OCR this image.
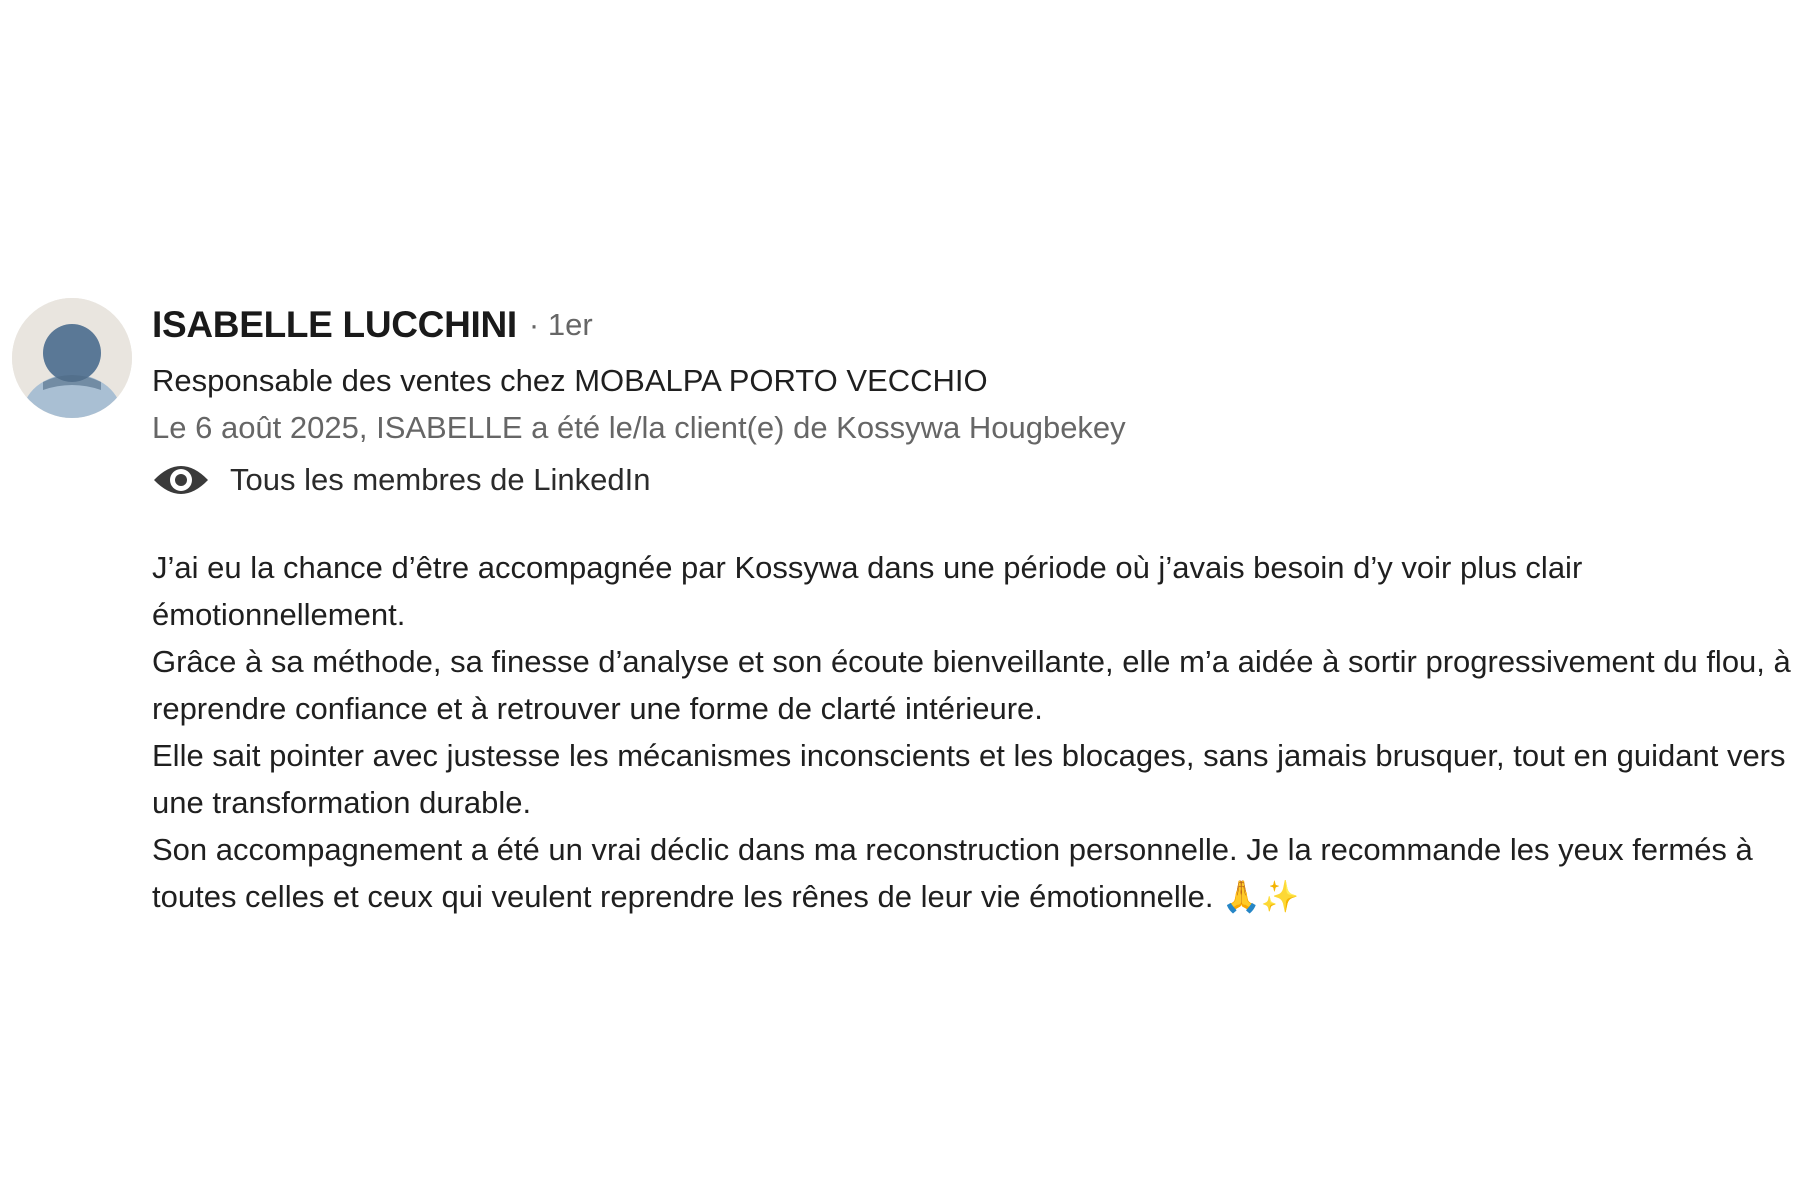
ISABELLE LUCCHINI · 1er
Responsable des ventes chez MOBALPA PORTO VECCHIO
Le 6 août 2025, ISABELLE a été le/la client(e) de Kossywa Hougbekey
Tous les membres de LinkedIn

J’ai eu la chance d’être accompagnée par Kossywa dans une période où j’avais besoin d’y voir plus clair émotionnellement.

Grâce à sa méthode, sa finesse d’analyse et son écoute bienveillante, elle m’a aidée à sortir progressivement du flou, à reprendre confiance et à retrouver une forme de clarté intérieure.

Elle sait pointer avec justesse les mécanismes inconscients et les blocages, sans jamais brusquer, tout en guidant vers une transformation durable.

Son accompagnement a été un vrai déclic dans ma reconstruction personnelle. Je la recommande les yeux fermés à toutes celles et ceux qui veulent reprendre les rênes de leur vie émotionnelle. 🙏✨
